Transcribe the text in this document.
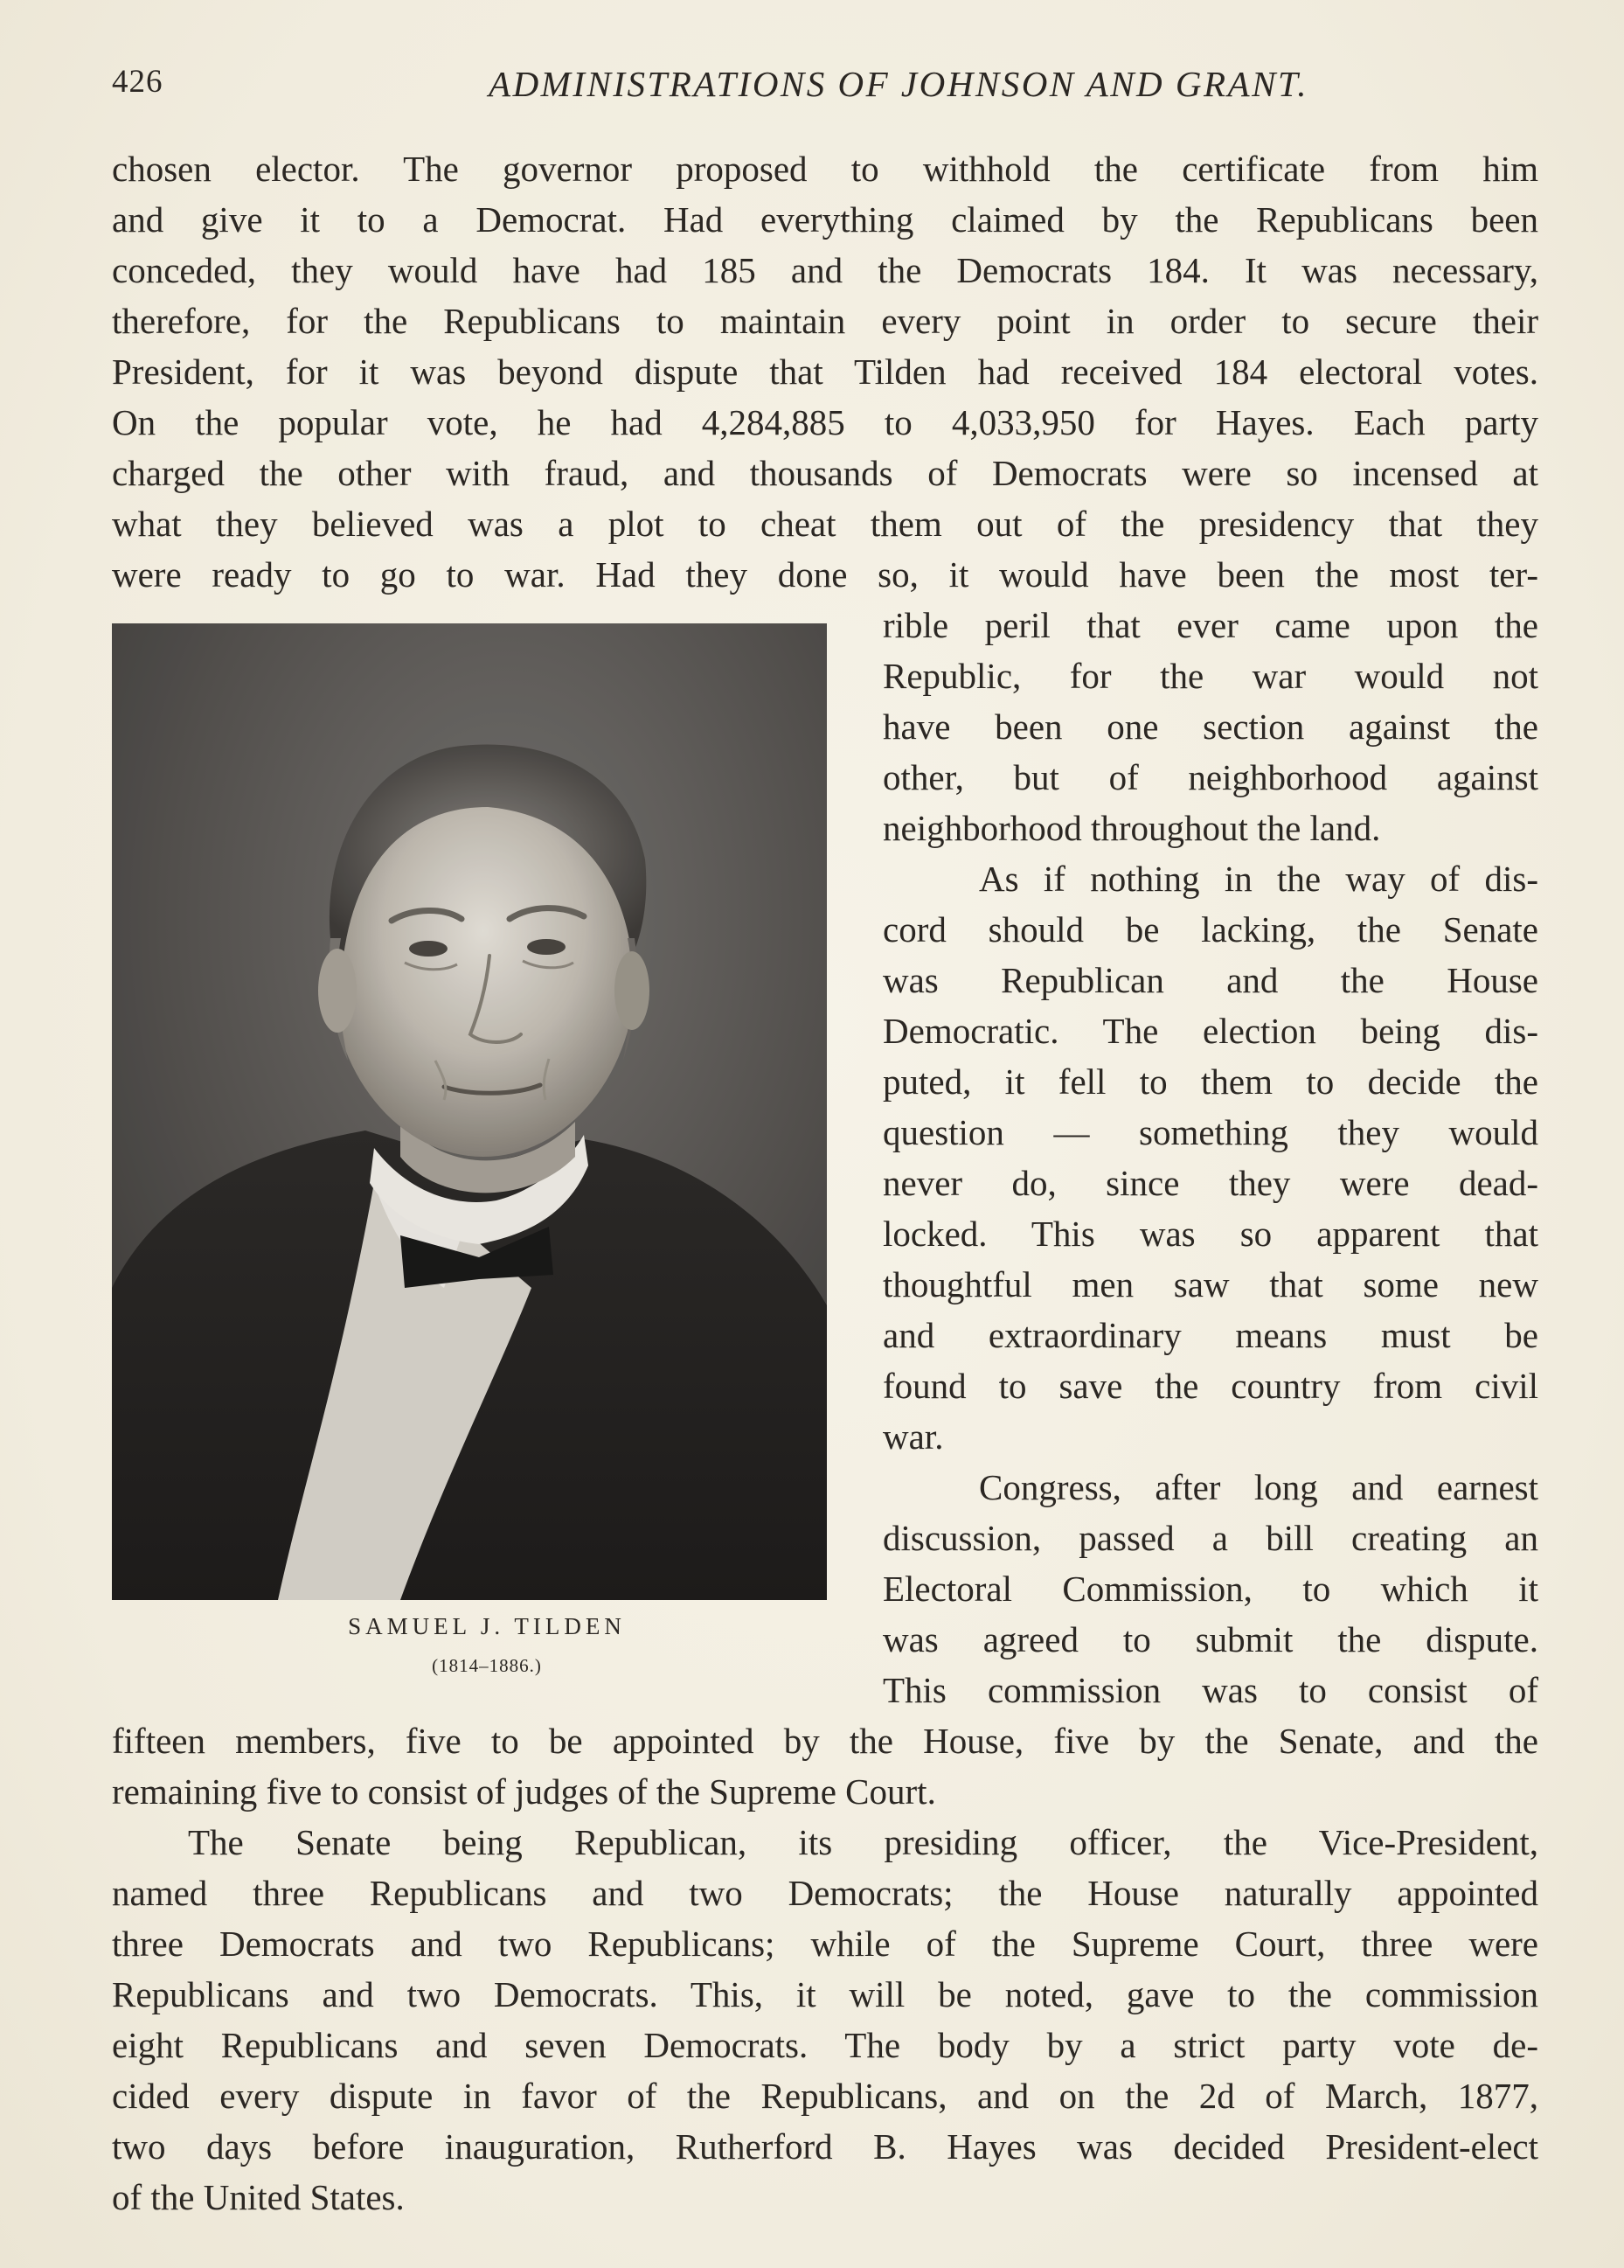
426	ADMINISTRATIONS OF JOHNSON AND GRANT.
chosen elector. The governor proposed to withhold the certificate from him
and give it to a Democrat. Had everything claimed by the Republicans been
conceded, they would have had 185 and the Democrats 184. It was necessary,
therefore, for the Republicans to maintain every point in order to secure their
President, for it was beyond dispute that Tilden had received 184 electoral votes.
On the popular vote, he had 4,284,885 to 4,033,950 for Hayes. Each party
charged the other with fraud, and thousands of Democrats were so incensed at
what they believed was a plot to cheat them out of the presidency that they
were ready to go to war. Had they done so, it would have been the most ter-
SAMUEL J. TILDEN
(1814–1886.)
rible peril that ever came upon the
Republic, for the war would not
have been one section against the
other, but of neighborhood against
neighborhood throughout the land.
As if nothing in the way of dis-
cord should be lacking, the Senate
was Republican and the House
Democratic. The election being dis-
puted, it fell to them to decide the
question — something they would
never do, since they were dead-
locked. This was so apparent that
thoughtful men saw that some new
and extraordinary means must be
found to save the country from civil
war.
Congress, after long and earnest
discussion, passed a bill creating an
Electoral Commission, to which it
was agreed to submit the dispute.
This commission was to consist of
fifteen members, five to be appointed by the House, five by the Senate, and the
remaining five to consist of judges of the Supreme Court.
The Senate being Republican, its presiding officer, the Vice-President,
named three Republicans and two Democrats; the House naturally appointed
three Democrats and two Republicans; while of the Supreme Court, three were
Republicans and two Democrats. This, it will be noted, gave to the commission
eight Republicans and seven Democrats. The body by a strict party vote de-
cided every dispute in favor of the Republicans, and on the 2d of March, 1877,
two days before inauguration, Rutherford B. Hayes was decided President-elect
of the United States.
